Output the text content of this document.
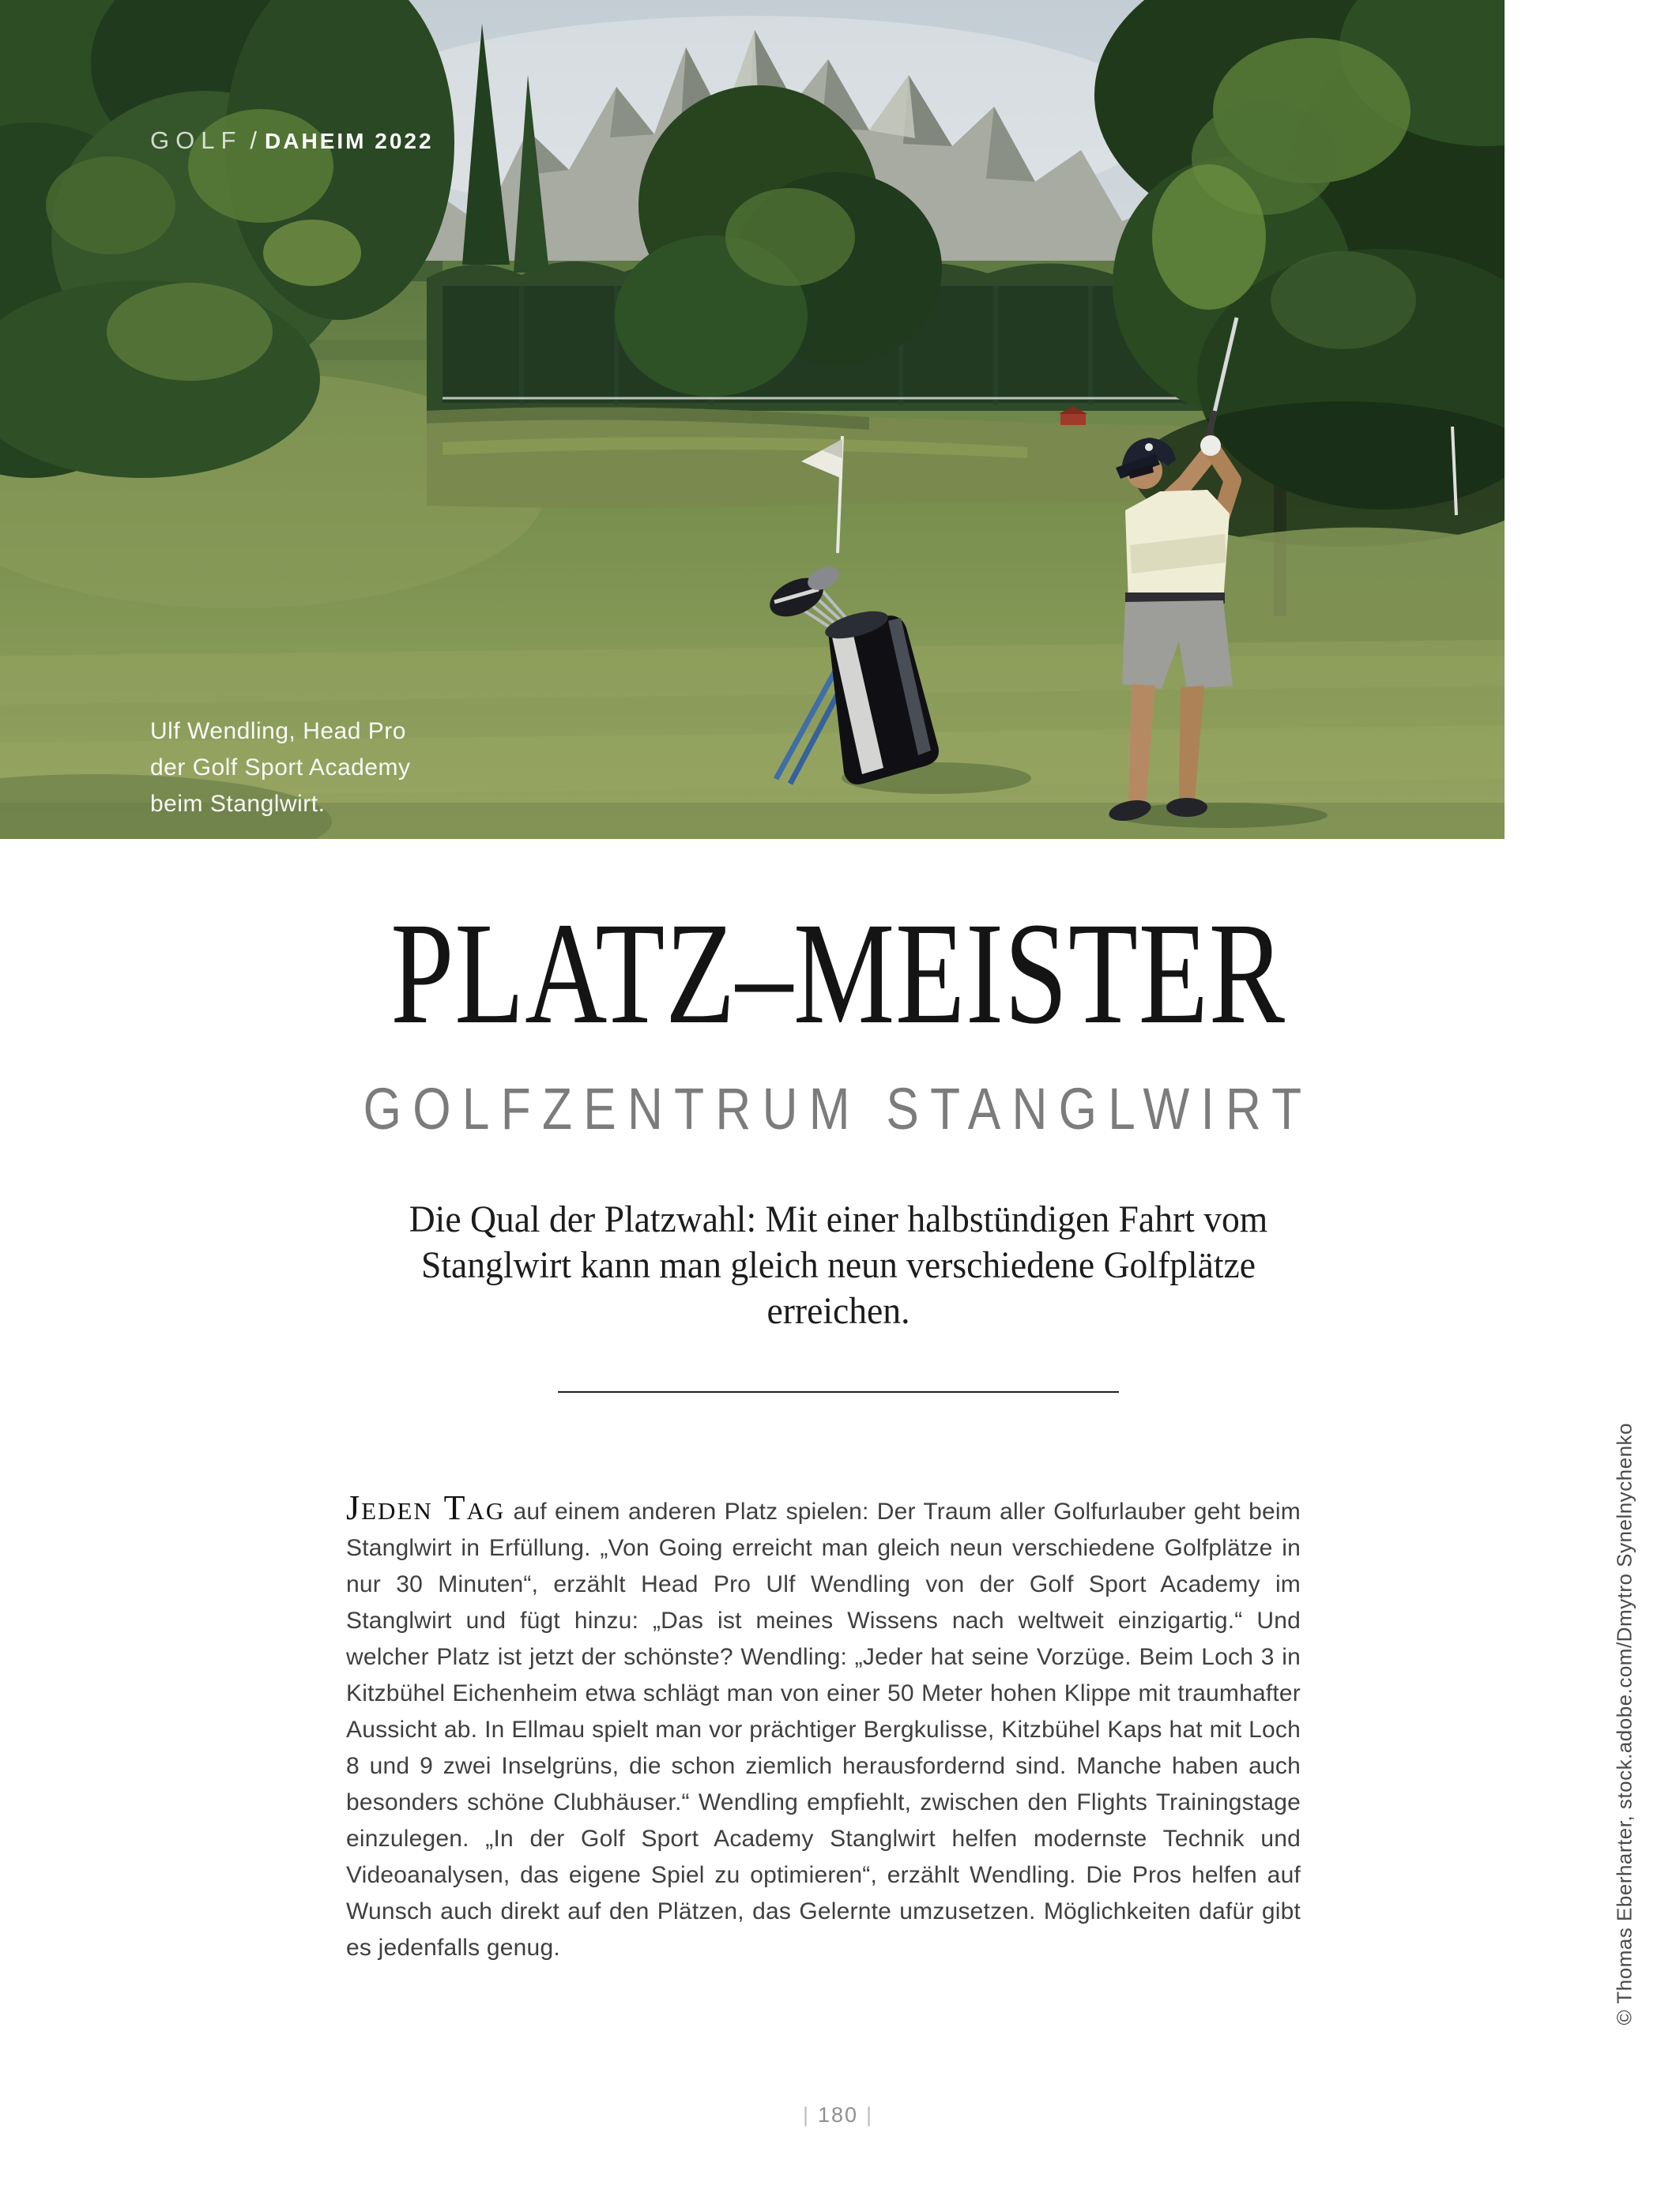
GOLF / DAHEIM 2022
Ulf Wendling, Head Pro
der Golf Sport Academy
beim Stanglwirt.
PLATZ–MEISTER
GOLFZENTRUM STANGLWIRT

Die Qual der Platzwahl: Mit einer halbstündigen Fahrt vom Stanglwirt kann man gleich neun verschiedene Golfplätze erreichen.

Jeden Tag auf einem anderen Platz spielen: Der Traum aller Golfurlauber geht beim Stanglwirt in Erfüllung. „Von Going erreicht man gleich neun verschiedene Golfplätze in nur 30 Minuten“, erzählt Head Pro Ulf Wendling von der Golf Sport Academy im Stanglwirt und fügt hinzu: „Das ist meines Wissens nach weltweit einzigartig.“ Und welcher Platz ist jetzt der schönste? Wendling: „Jeder hat seine Vorzüge. Beim Loch 3 in Kitzbühel Eichenheim etwa schlägt man von einer 50 Meter hohen Klippe mit traumhafter Aussicht ab. In Ellmau spielt man vor prächtiger Bergkulisse, Kitzbühel Kaps hat mit Loch 8 und 9 zwei Inselgrüns, die schon ziemlich herausfordernd sind. Manche haben auch besonders schöne Clubhäuser.“ Wendling empfiehlt, zwischen den Flights Trainingstage einzulegen. „In der Golf Sport Academy Stanglwirt helfen modernste Technik und Videoanalysen, das eigene Spiel zu optimieren“, erzählt Wendling. Die Pros helfen auf Wunsch auch direkt auf den Plätzen, das Gelernte umzusetzen. Möglichkeiten dafür gibt es jedenfalls genug.	© Thomas Eberharter, stock.adobe.com/Dmytro Synelnychenko
| 180 |
